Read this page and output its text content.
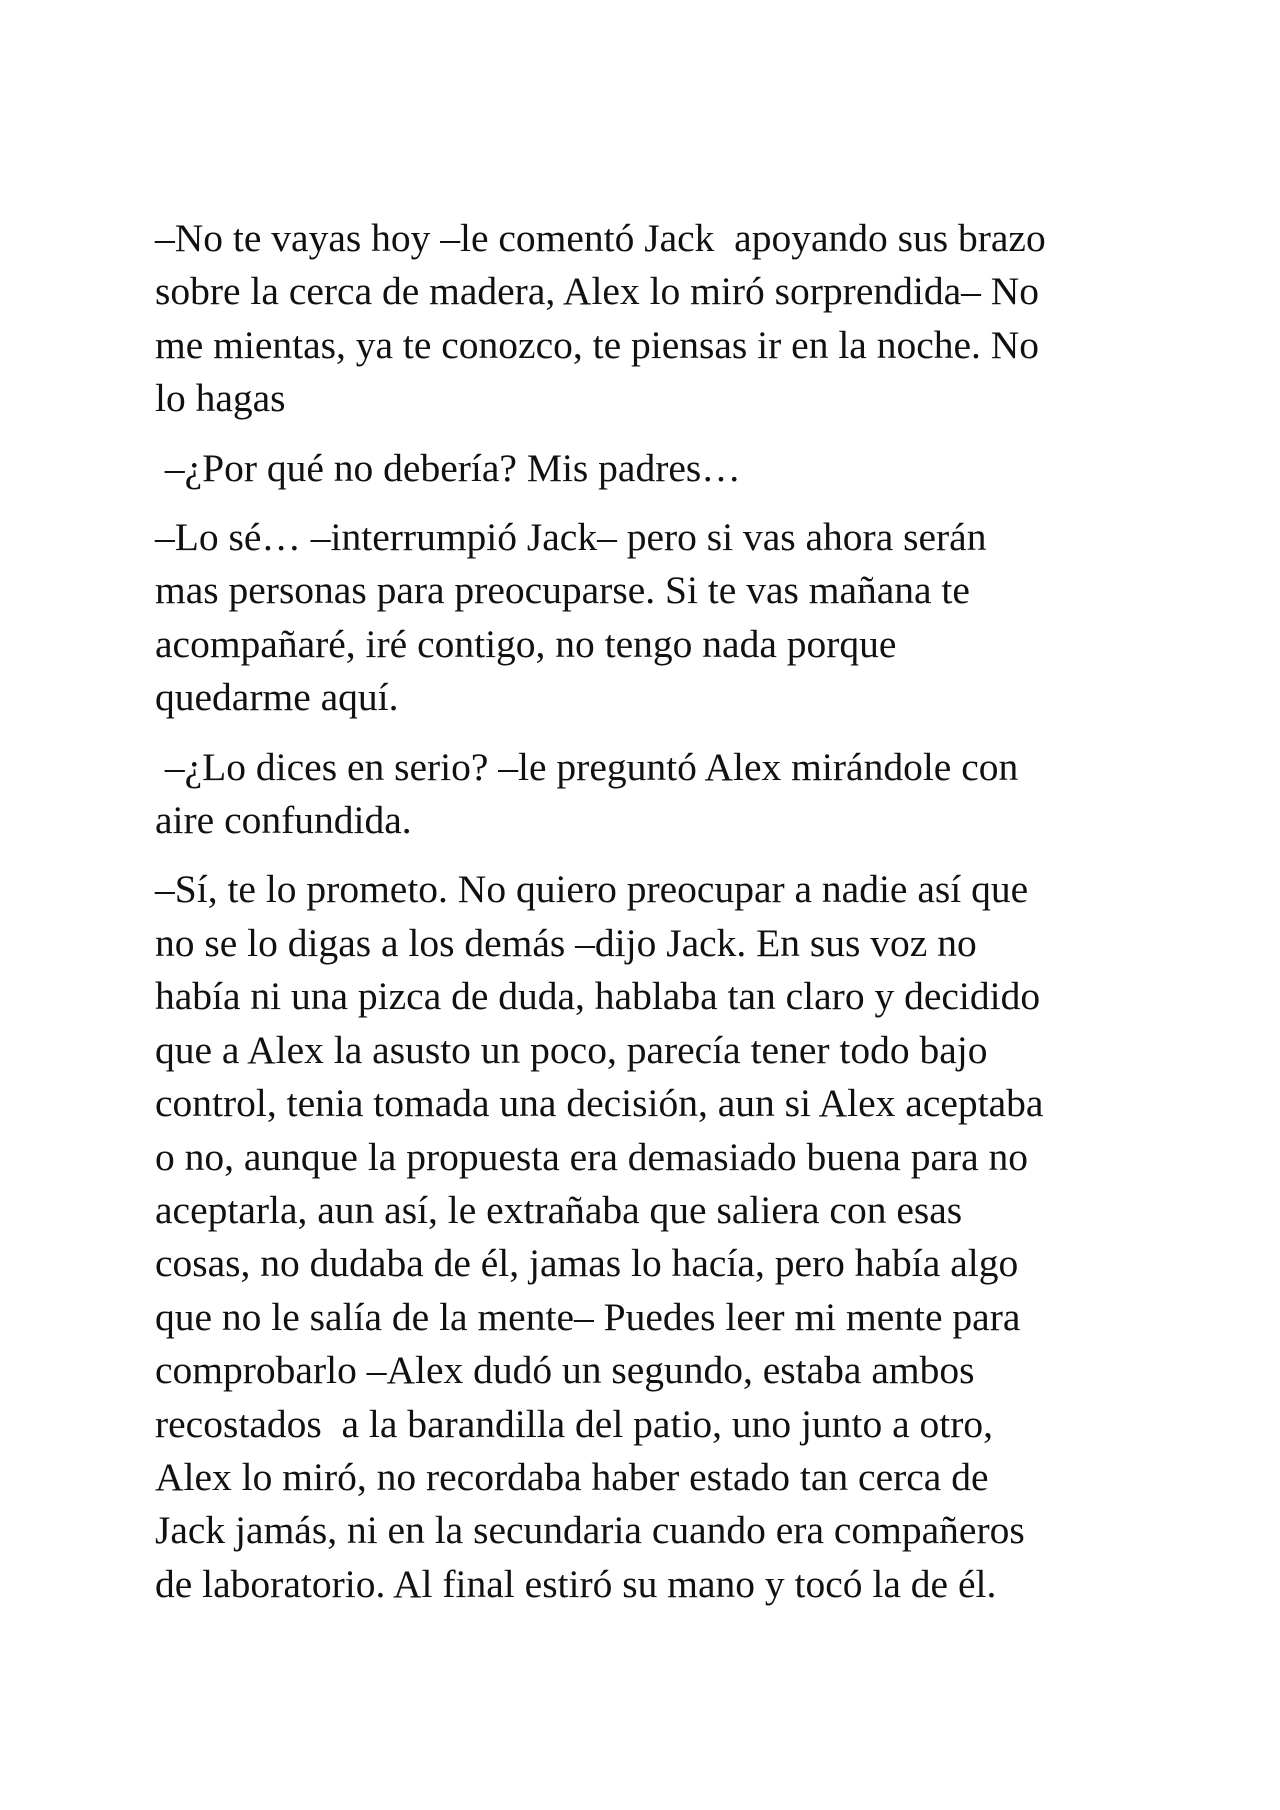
–No te vayas hoy –le comentó Jack  apoyando sus brazo
sobre la cerca de madera, Alex lo miró sorprendida– No
me mientas, ya te conozco, te piensas ir en la noche. No
lo hagas
–¿Por qué no debería? Mis padres…
–Lo sé… –interrumpió Jack– pero si vas ahora serán
mas personas para preocuparse. Si te vas mañana te
acompañaré, iré contigo, no tengo nada porque
quedarme aquí.
–¿Lo dices en serio? –le preguntó Alex mirándole con
aire confundida.
–Sí, te lo prometo. No quiero preocupar a nadie así que
no se lo digas a los demás –dijo Jack. En sus voz no
había ni una pizca de duda, hablaba tan claro y decidido
que a Alex la asusto un poco, parecía tener todo bajo
control, tenia tomada una decisión, aun si Alex aceptaba
o no, aunque la propuesta era demasiado buena para no
aceptarla, aun así, le extrañaba que saliera con esas
cosas, no dudaba de él, jamas lo hacía, pero había algo
que no le salía de la mente– Puedes leer mi mente para
comprobarlo –Alex dudó un segundo, estaba ambos
recostados  a la barandilla del patio, uno junto a otro,
Alex lo miró, no recordaba haber estado tan cerca de
Jack jamás, ni en la secundaria cuando era compañeros
de laboratorio. Al final estiró su mano y tocó la de él.
